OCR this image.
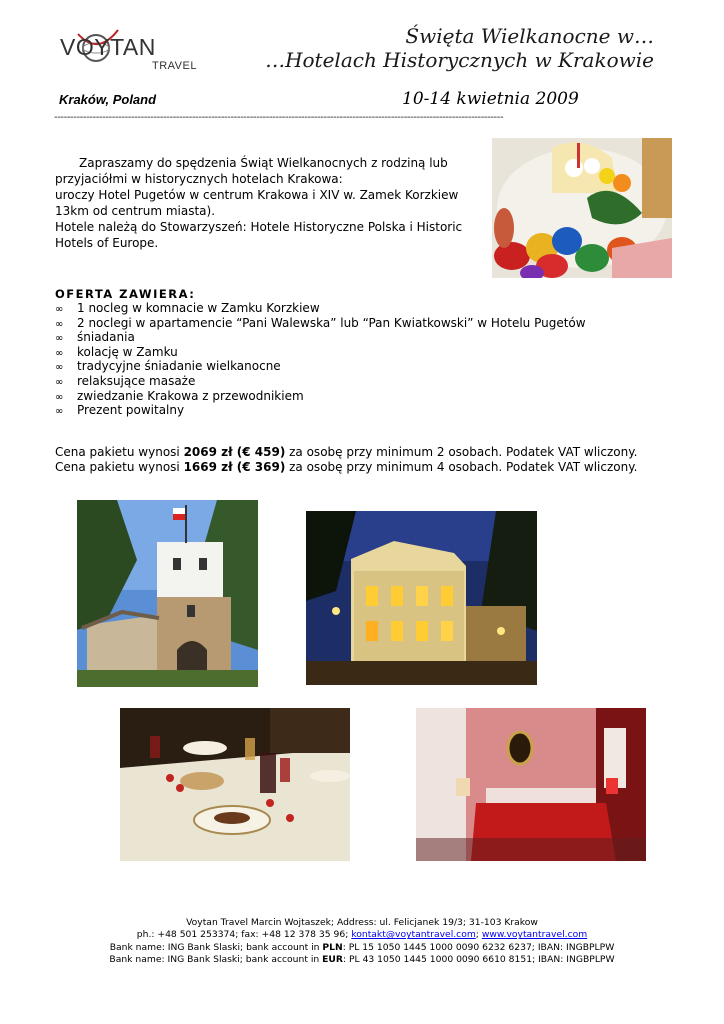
VOYTAN
TRAVEL
Święta Wielkanocne w…
…Hotelach Historycznych w Krakowie
Kraków, Poland	10-14 kwietnia 2009
--------------------------------------------------------------------------------------------------------------------------------------------

Zapraszamy do spędzenia Świąt Wielkanocnych z rodziną lub przyjaciółmi w historycznych hotelach Krakowa:

uroczy Hotel Pugetów w centrum Krakowa i XIV w. Zamek Korzkiew 13km od centrum miasta).

Hotele należą do Stowarzyszeń: Hotele Historyczne Polska i Historic Hotels of Europe.

OFERTA ZAWIERA:
∞ 1 nocleg w komnacie w Zamku Korzkiew
∞ 2 noclegi w apartamencie “Pani Walewska” lub “Pan Kwiatkowski” w Hotelu Pugetów
∞ śniadania
∞ kolację w Zamku
∞ tradycyjne śniadanie wielkanocne
∞ relaksujące masaże
∞ zwiedzanie Krakowa z przewodnikiem
∞ Prezent powitalny
Cena pakietu wynosi 2069 zł (€ 459) za osobę przy minimum 2 osobach. Podatek VAT wliczony.
Cena pakietu wynosi 1669 zł (€ 369) za osobę przy minimum 4 osobach. Podatek VAT wliczony.
Voytan Travel Marcin Wojtaszek; Address: ul. Felicjanek 19/3; 31-103 Krakow
ph.: +48 501 253374; fax: +48 12 378 35 96; kontakt@voytantravel.com; www.voytantravel.com
Bank name: ING Bank Slaski; bank account in PLN: PL 15 1050 1445 1000 0090 6232 6237; IBAN: INGBPLPW
Bank name: ING Bank Slaski; bank account in EUR: PL 43 1050 1445 1000 0090 6610 8151; IBAN: INGBPLPW
